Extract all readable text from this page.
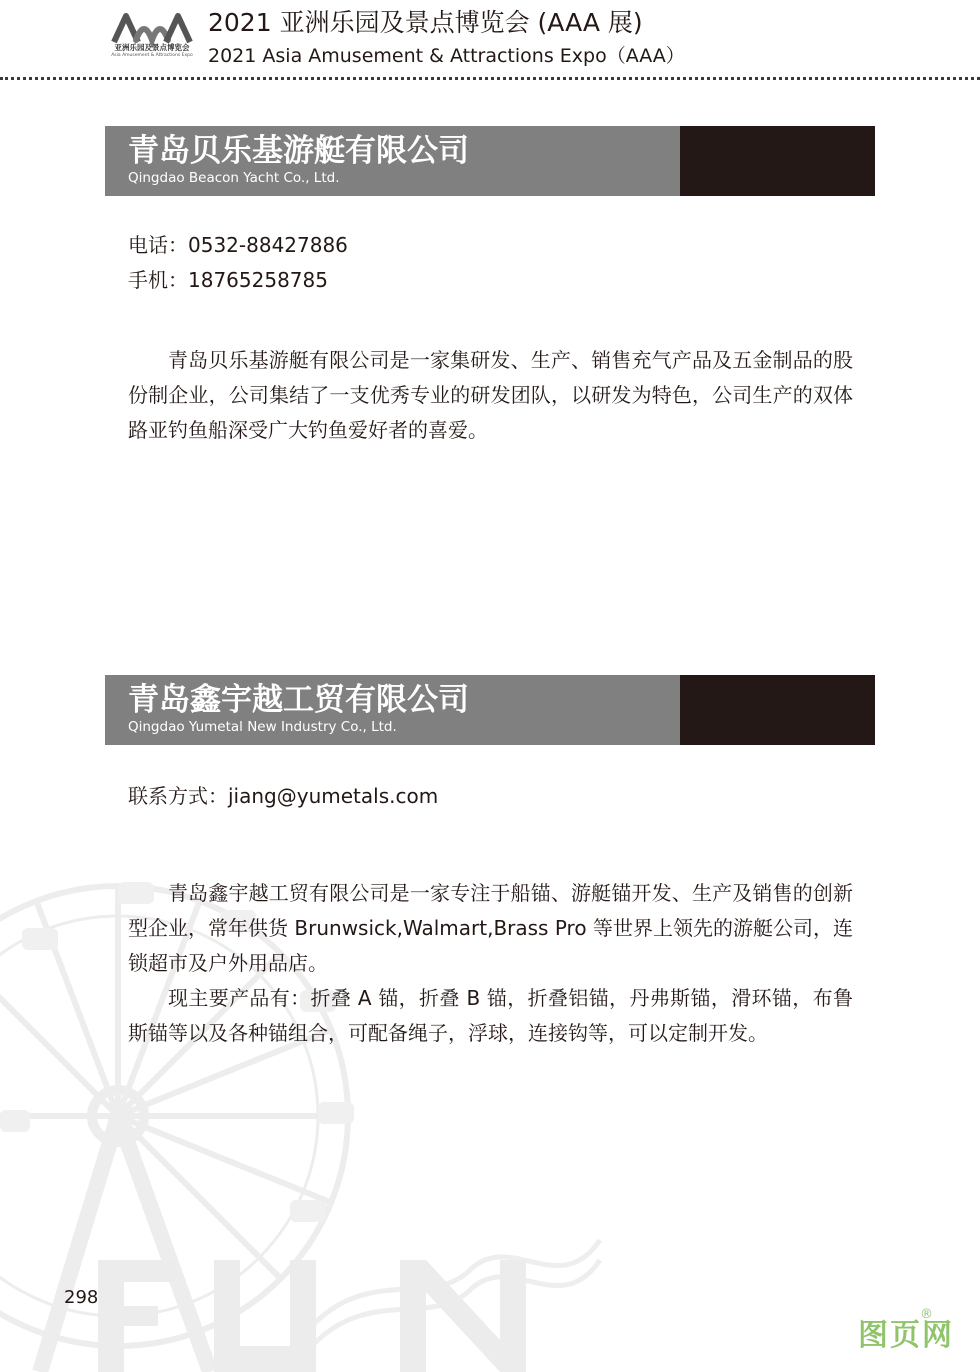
亚洲乐园及景点博览会
Asia Amusement & Attractions Expo
2021 亚洲乐园及景点博览会 (AAA 展)
2021 Asia Amusement & Attractions Expo（AAA）
青岛贝乐基游艇有限公司
Qingdao Beacon Yacht Co., Ltd.
电话：0532-88427886
手机：18765258785

青岛贝乐基游艇有限公司是一家集研发、生产、销售充气产品及五金制品的股份制企业，公司集结了一支优秀专业的研发团队，以研发为特色，公司生产的双体路亚钓鱼船深受广大钓鱼爱好者的喜爱。

青岛鑫宇越工贸有限公司
Qingdao Yumetal New Industry Co., Ltd.
联系方式：jiang@yumetals.com

青岛鑫宇越工贸有限公司是一家专注于船锚、游艇锚开发、生产及销售的创新型企业，常年供货 Brunwsick,Walmart,Brass Pro 等世界上领先的游艇公司，连锁超市及户外用品店。

现主要产品有：折叠 A 锚，折叠 B 锚，折叠铝锚，丹弗斯锚，滑环锚，布鲁斯锚等以及各种锚组合，可配备绳子，浮球，连接钩等，可以定制开发。

298
图页网
®
